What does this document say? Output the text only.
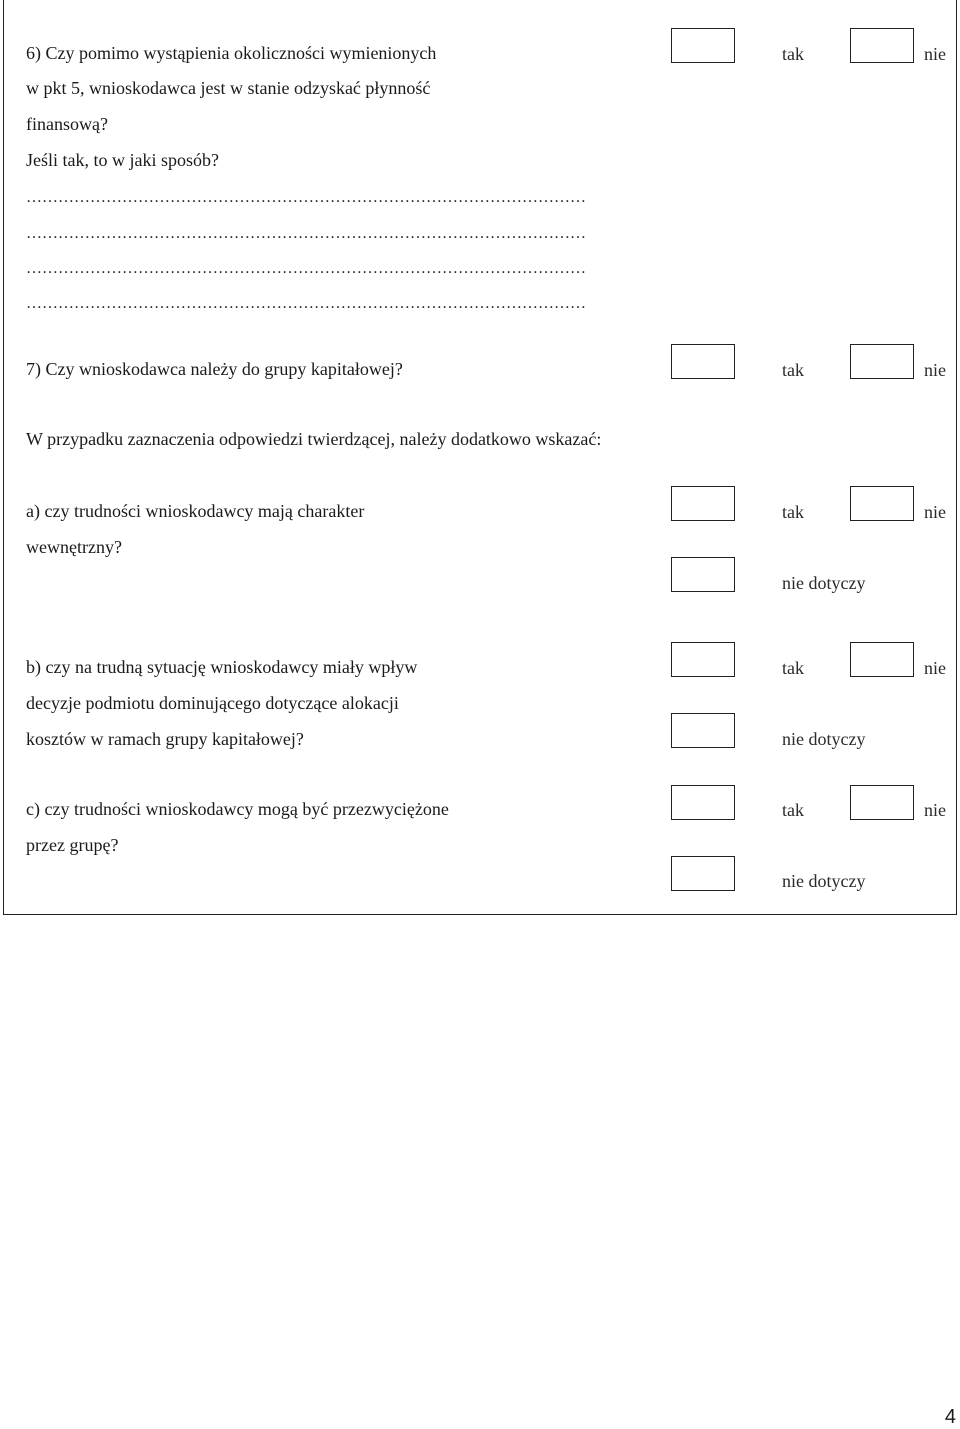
6) Czy pomimo wystąpienia okoliczności wymienionych
w pkt 5, wnioskodawca jest w stanie odzyskać płynność
finansową?
Jeśli tak, to w jaki sposób?
tak	nie
……………………………………………………………………………………………
……………………………………………………………………………………………
……………………………………………………………………………………………
……………………………………………………………………………………………
7) Czy wnioskodawca należy do grupy kapitałowej?	tak	nie
W przypadku zaznaczenia odpowiedzi twierdzącej, należy dodatkowo wskazać:
a) czy trudności wnioskodawcy mają charakter
wewnętrzny?
tak	nie
nie dotyczy
b) czy na trudną sytuację wnioskodawcy miały wpływ
decyzje podmiotu dominującego dotyczące alokacji
kosztów w ramach grupy kapitałowej?
tak	nie
nie dotyczy
c) czy trudności wnioskodawcy mogą być przezwyciężone
przez grupę?
tak	nie
nie dotyczy
4
